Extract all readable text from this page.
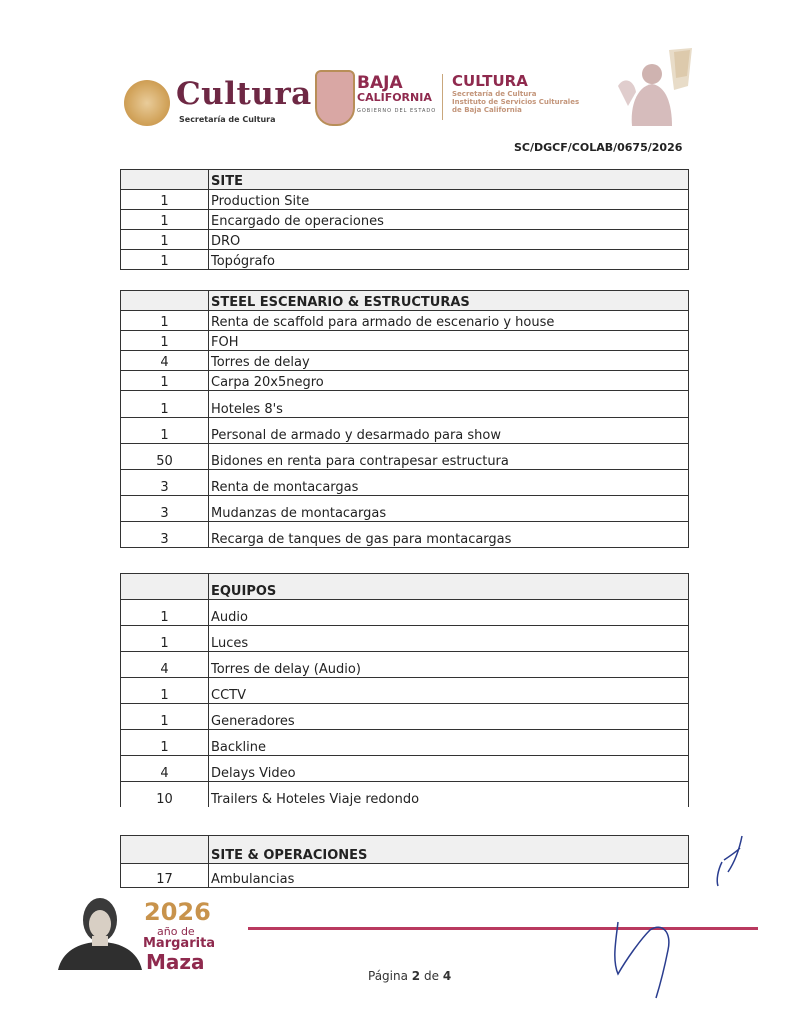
Cultura
Secretaría de Cultura
BAJA
CALIFORNIA
GOBIERNO DEL ESTADO
CULTURA
Secretaría de Cultura
Instituto de Servicios Culturales
de Baja California
SC/DGCF/COLAB/0675/2026
	SITE
1	Production Site
1	Encargado de operaciones
1	DRO
1	Topógrafo
	STEEL ESCENARIO & ESTRUCTURAS
1	Renta de scaffold para armado de escenario y house
1	FOH
4	Torres de delay
1	Carpa 20x5negro
1	Hoteles 8's
1	Personal de armado y desarmado para show
50	Bidones en renta para contrapesar estructura
3	Renta de montacargas
3	Mudanzas de montacargas
3	Recarga de tanques de gas para montacargas
	EQUIPOS
1	Audio
1	Luces
4	Torres de delay (Audio)
1	CCTV
1	Generadores
1	Backline
4	Delays Video
10	Trailers & Hoteles Viaje redondo
	SITE & OPERACIONES
17	Ambulancias
2026
año de
Margarita
Maza
Página 2 de 4
